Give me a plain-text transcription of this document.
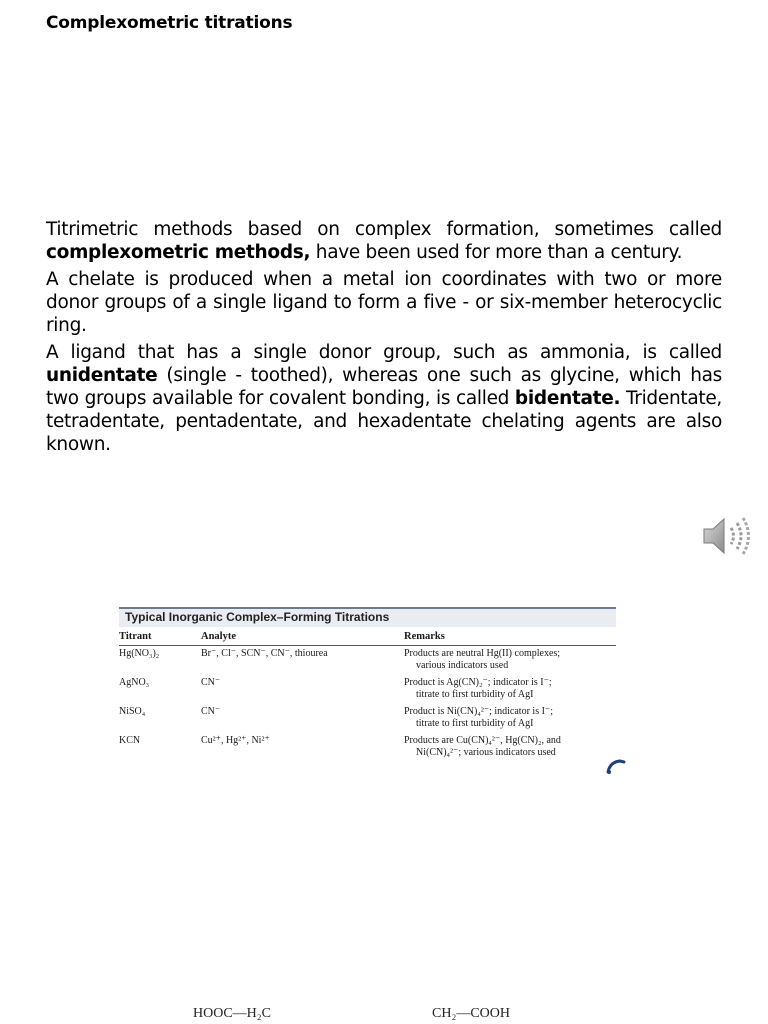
Complexometric titrations

Titrimetric methods based on complex formation, sometimes called complexometric methods, have been used for more than a century.

A chelate is produced when a metal ion coordinates with two or more donor groups of a single ligand to form a five - or six-member heterocyclic ring.

A ligand that has a single donor group, such as ammonia, is called unidentate (single - toothed), whereas one such as glycine, which has two groups available for covalent bonding, is called bidentate. Tridentate, tetradentate, pentadentate, and hexadentate chelating agents are also known.

Typical Inorganic Complex–Forming Titrations
Titrant	Analyte	Remarks
Hg(NO₃)₂	Br⁻, Cl⁻, SCN⁻, CN⁻, thiourea	Products are neutral Hg(II) complexes;
various indicators used
AgNO₃	CN⁻	Product is Ag(CN)₂⁻; indicator is I⁻;
titrate to first turbidity of AgI
NiSO₄	CN⁻	Product is Ni(CN)₄²⁻; indicator is I⁻;
titrate to first turbidity of AgI
KCN	Cu²⁺, Hg²⁺, Ni²⁺	Products are Cu(CN)₄²⁻, Hg(CN)₂, and
Ni(CN)₄²⁻; various indicators used
HOOC—H₂C	CH₂—COOH
